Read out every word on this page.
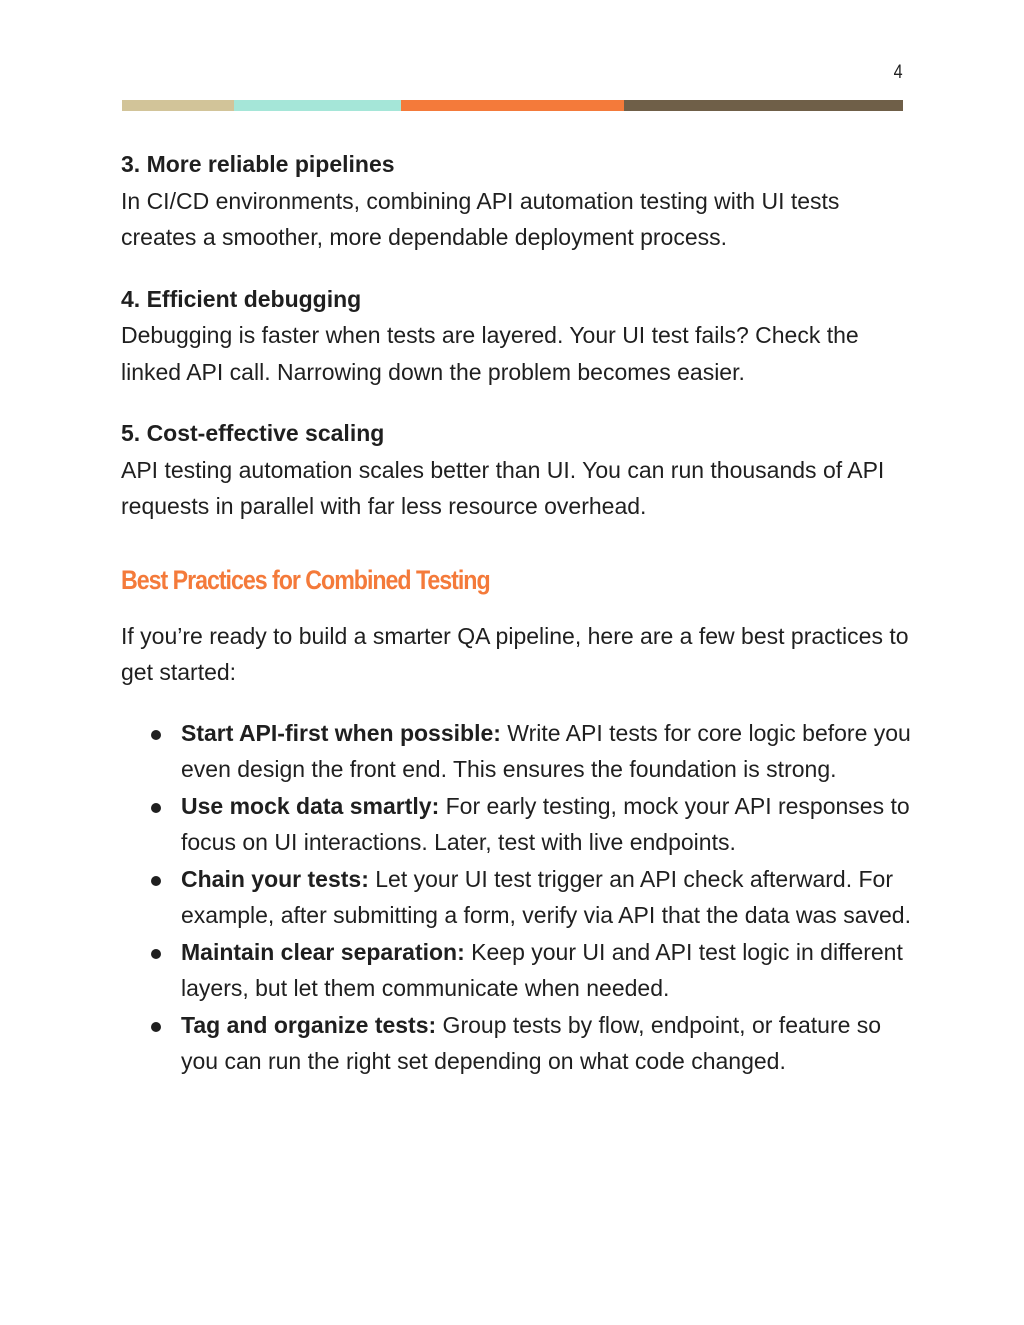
4
3. More reliable pipelines
In CI/CD environments, combining API automation testing with UI tests creates a smoother, more dependable deployment process.
4. Efficient debugging
Debugging is faster when tests are layered. Your UI test fails? Check the linked API call. Narrowing down the problem becomes easier.
5. Cost-effective scaling
API testing automation scales better than UI. You can run thousands of API requests in parallel with far less resource overhead.
Best Practices for Combined Testing
If you’re ready to build a smarter QA pipeline, here are a few best practices to get started:
Start API-first when possible: Write API tests for core logic before you even design the front end. This ensures the foundation is strong.
Use mock data smartly: For early testing, mock your API responses to focus on UI interactions. Later, test with live endpoints.
Chain your tests: Let your UI test trigger an API check afterward. For example, after submitting a form, verify via API that the data was saved.
Maintain clear separation: Keep your UI and API test logic in different layers, but let them communicate when needed.
Tag and organize tests: Group tests by flow, endpoint, or feature so you can run the right set depending on what code changed.
